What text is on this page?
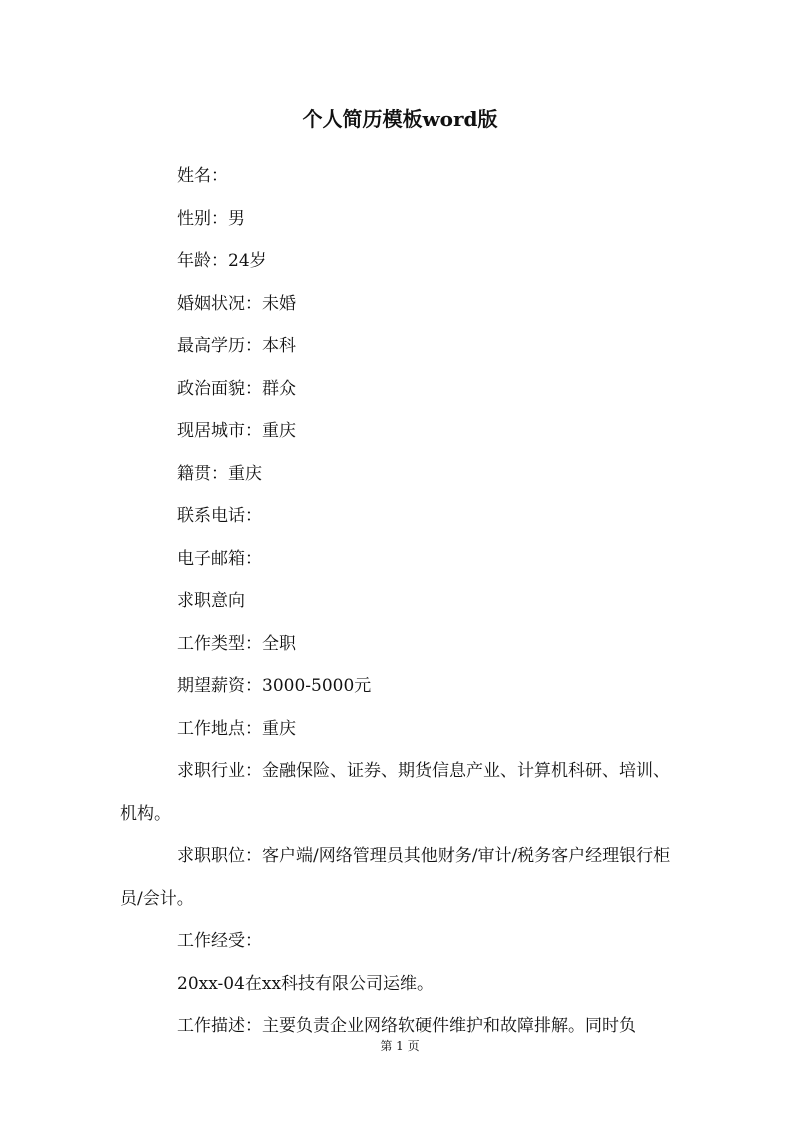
个人简历模板word版

姓名：

性别：男

年龄：24岁

婚姻状况：未婚

最高学历：本科

政治面貌：群众

现居城市：重庆

籍贯：重庆

联系电话：

电子邮箱：

求职意向

工作类型：全职

期望薪资：3000-5000元

工作地点：重庆

求职行业：金融保险、证券、期货信息产业、计算机科研、培训、机构。

求职职位：客户端/网络管理员其他财务/审计/税务客户经理银行柜员/会计。

工作经受：

20xx-04在xx科技有限公司运维。

工作描述：主要负责企业网络软硬件维护和故障排解。同时负

第 1 页
